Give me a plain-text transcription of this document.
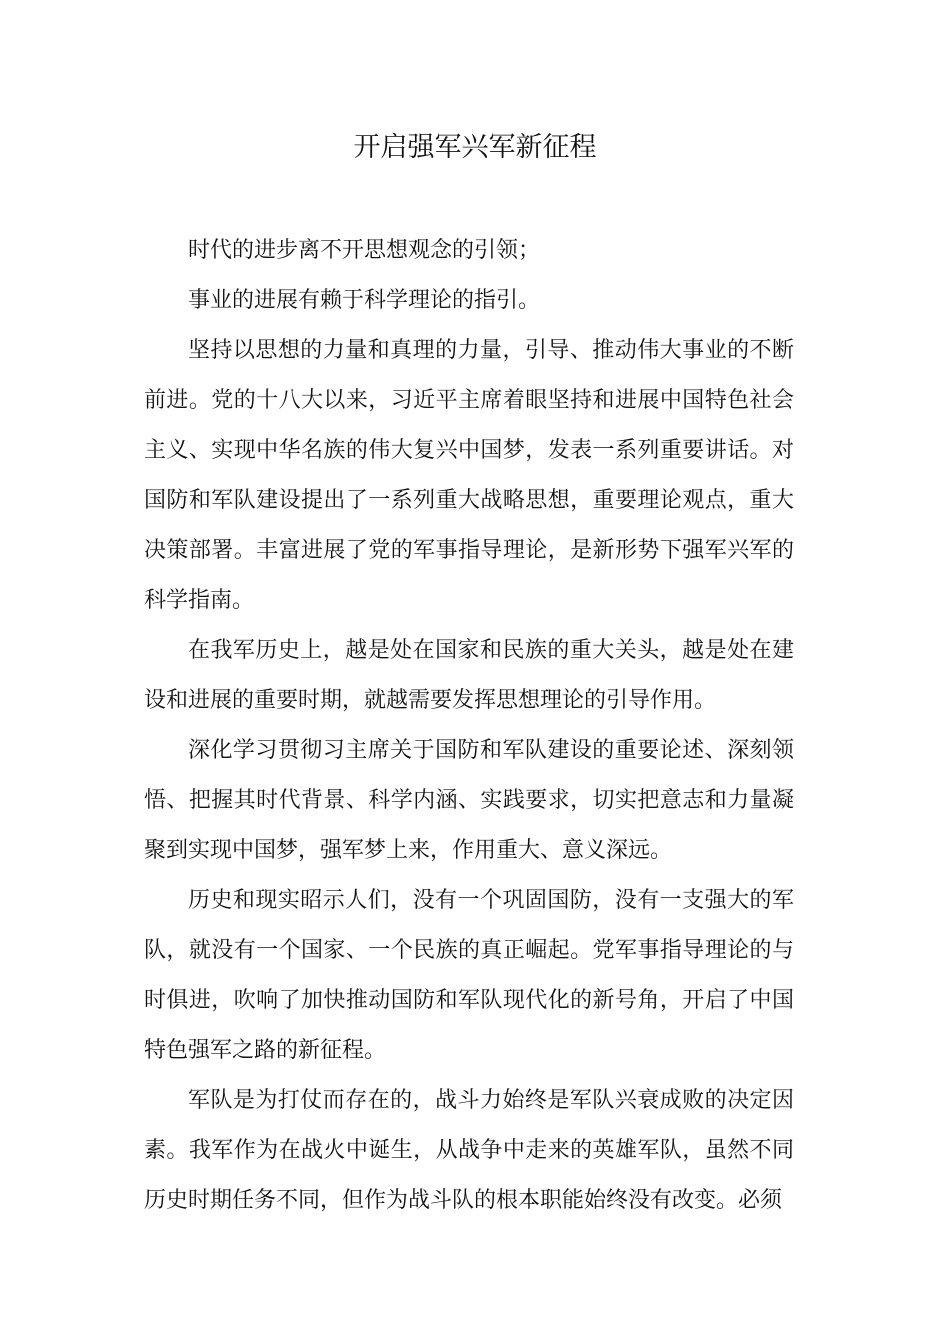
开启强军兴军新征程

时代的进步离不开思想观念的引领；

事业的进展有赖于科学理论的指引。

坚持以思想的力量和真理的力量，引导、推动伟大事业的不断前进。党的十八大以来，习近平主席着眼坚持和进展中国特色社会主义、实现中华名族的伟大复兴中国梦，发表一系列重要讲话。对国防和军队建设提出了一系列重大战略思想，重要理论观点，重大决策部署。丰富进展了党的军事指导理论，是新形势下强军兴军的科学指南。

在我军历史上，越是处在国家和民族的重大关头，越是处在建设和进展的重要时期，就越需要发挥思想理论的引导作用。

深化学习贯彻习主席关于国防和军队建设的重要论述、深刻领悟、把握其时代背景、科学内涵、实践要求，切实把意志和力量凝聚到实现中国梦，强军梦上来，作用重大、意义深远。

历史和现实昭示人们，没有一个巩固国防，没有一支强大的军队，就没有一个国家、一个民族的真正崛起。党军事指导理论的与时俱进，吹响了加快推动国防和军队现代化的新号角，开启了中国特色强军之路的新征程。

军队是为打仗而存在的，战斗力始终是军队兴衰成败的决定因素。我军作为在战火中诞生，从战争中走来的英雄军队，虽然不同历史时期任务不同，但作为战斗队的根本职能始终没有改变。必须
